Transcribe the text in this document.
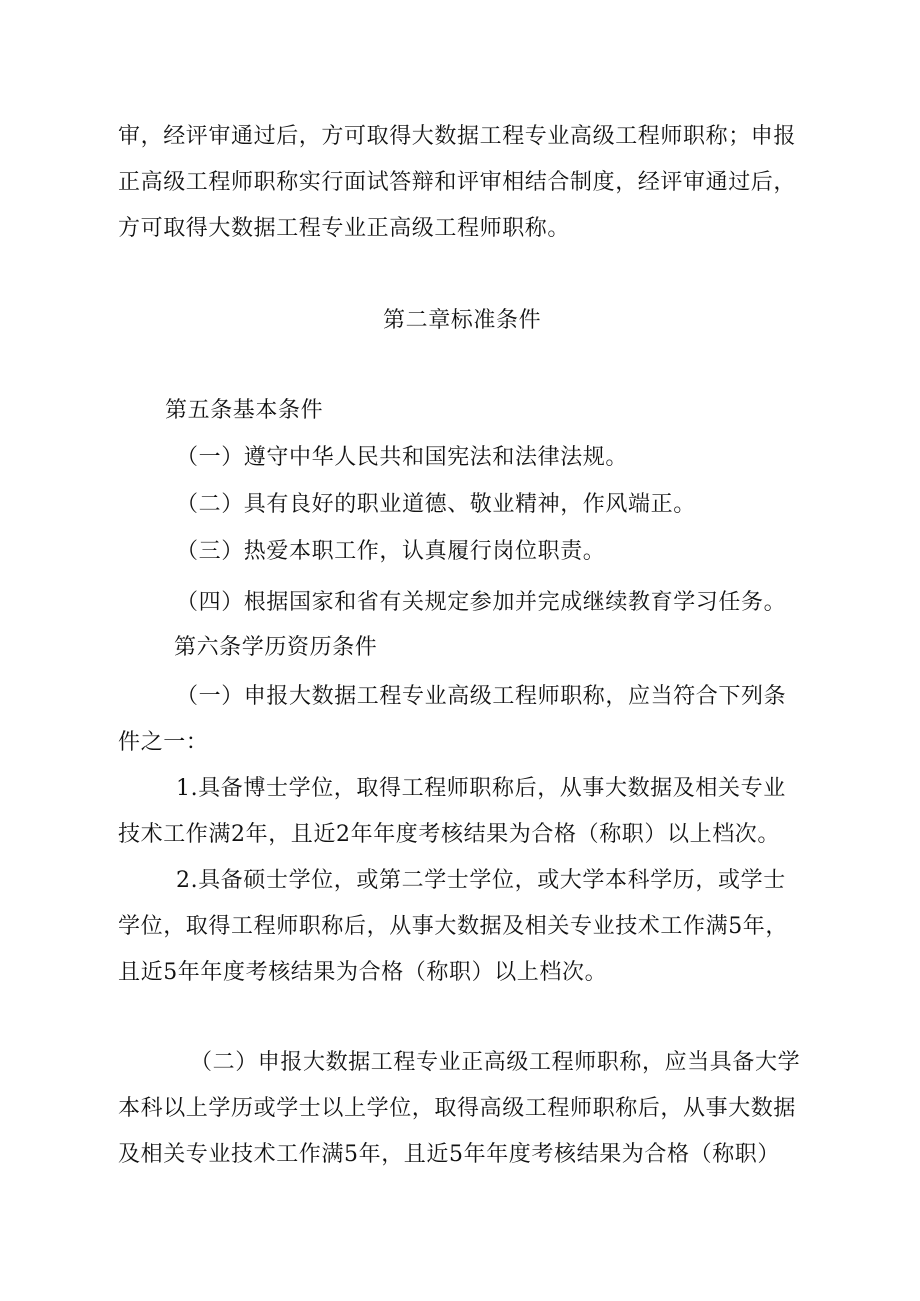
审，经评审通过后，方可取得大数据工程专业高级工程师职称；申报
正高级工程师职称实行面试答辩和评审相结合制度，经评审通过后，
方可取得大数据工程专业正高级工程师职称。
第二章标准条件
第五条基本条件
（一）遵守中华人民共和国宪法和法律法规。
（二）具有良好的职业道德、敬业精神，作风端正。
（三）热爱本职工作，认真履行岗位职责。
（四）根据国家和省有关规定参加并完成继续教育学习任务。
第六条学历资历条件
（一）申报大数据工程专业高级工程师职称，应当符合下列条
件之一：
1.具备博士学位，取得工程师职称后，从事大数据及相关专业
技术工作满2年，且近2年年度考核结果为合格（称职）以上档次。
2.具备硕士学位，或第二学士学位，或大学本科学历，或学士
学位，取得工程师职称后，从事大数据及相关专业技术工作满5年，
且近5年年度考核结果为合格（称职）以上档次。
（二）申报大数据工程专业正高级工程师职称，应当具备大学
本科以上学历或学士以上学位，取得高级工程师职称后，从事大数据
及相关专业技术工作满5年，且近5年年度考核结果为合格（称职）
